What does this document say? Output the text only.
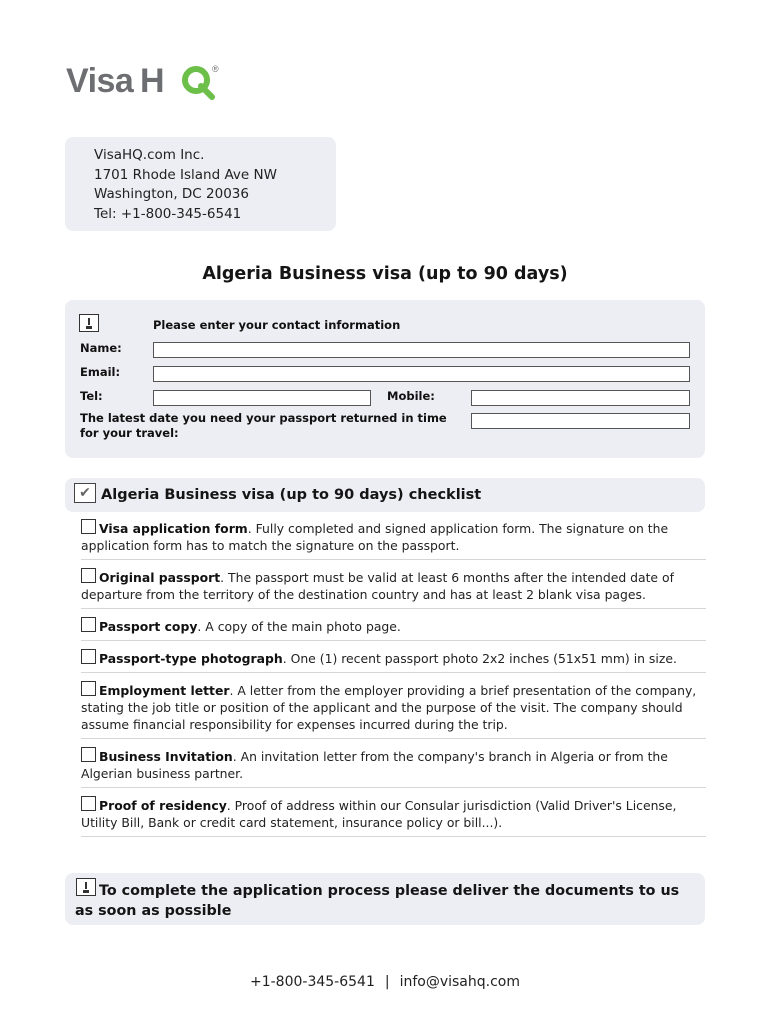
Visa H	®
VisaHQ.com Inc.
1701 Rhode Island Ave NW
Washington, DC 20036
Tel: +1-800-345-6541
Algeria Business visa (up to 90 days)
Please enter your contact information
Name:
Email:
Tel:	Mobile:
The latest date you need your passport returned in time for your travel:
✔ Algeria Business visa (up to 90 days) checklist
Visa application form. Fully completed and signed application form. The signature on the application form has to match the signature on the passport.
Original passport. The passport must be valid at least 6 months after the intended date of departure from the territory of the destination country and has at least 2 blank visa pages.
Passport copy. A copy of the main photo page.
Passport-type photograph. One (1) recent passport photo 2x2 inches (51x51 mm) in size.
Employment letter. A letter from the employer providing a brief presentation of the company, stating the job title or position of the applicant and the purpose of the visit. The company should assume financial responsibility for expenses incurred during the trip.
Business Invitation. An invitation letter from the company's branch in Algeria or from the Algerian business partner.
Proof of residency. Proof of address within our Consular jurisdiction (Valid Driver's License, Utility Bill, Bank or credit card statement, insurance policy or bill...).
To complete the application process please deliver the documents to us as soon as possible
+1-800-345-6541 | info@visahq.com
